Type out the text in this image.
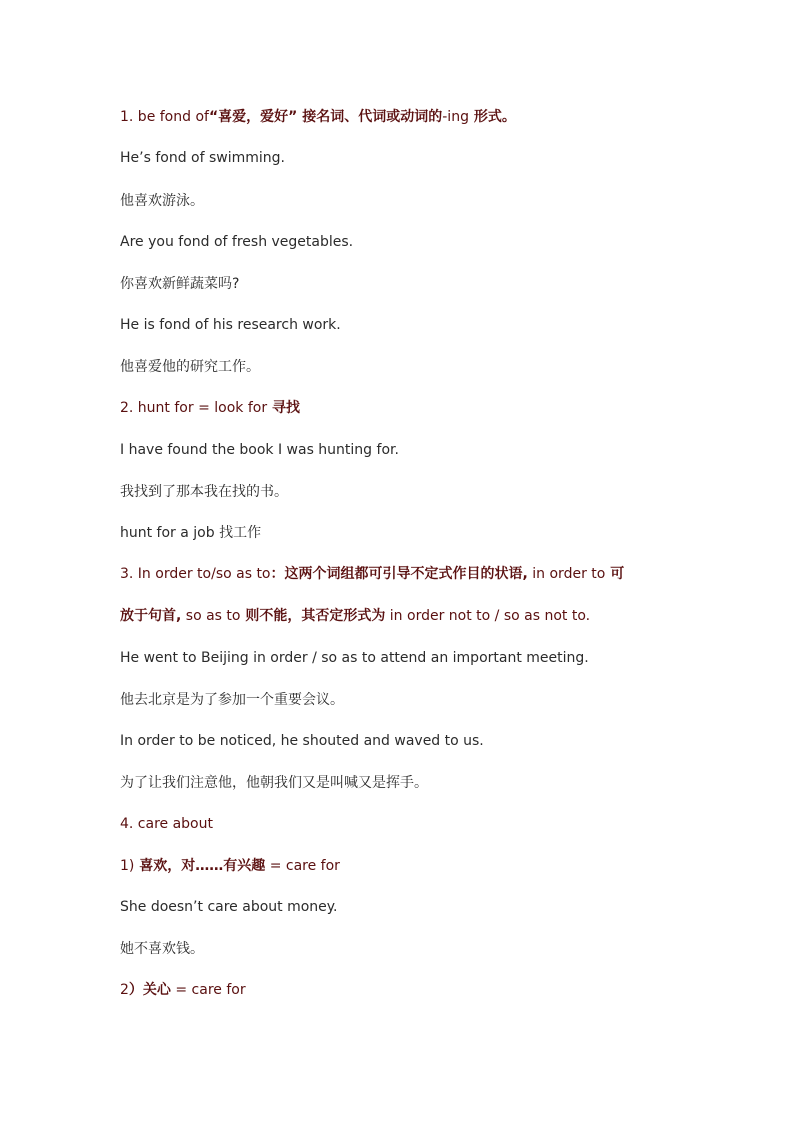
1. be fond of“喜爱，爱好” 接名词、代词或动词的-ing 形式。
He’s fond of swimming.
他喜欢游泳。
Are you fond of fresh vegetables.
你喜欢新鲜蔬菜吗?
He is fond of his research work.
他喜爱他的研究工作。
2. hunt for = look for 寻找
I have found the book I was hunting for.
我找到了那本我在找的书。
hunt for a job 找工作
3. In order to/so as to：这两个词组都可引导不定式作目的状语, in order to 可
放于句首, so as to 则不能，其否定形式为 in order not to / so as not to.
He went to Beijing in order / so as to attend an important meeting.
他去北京是为了参加一个重要会议。
In order to be noticed, he shouted and waved to us.
为了让我们注意他，他朝我们又是叫喊又是挥手。
4. care about
1) 喜欢，对……有兴趣 = care for
She doesn’t care about money.
她不喜欢钱。
2）关心 = care for
